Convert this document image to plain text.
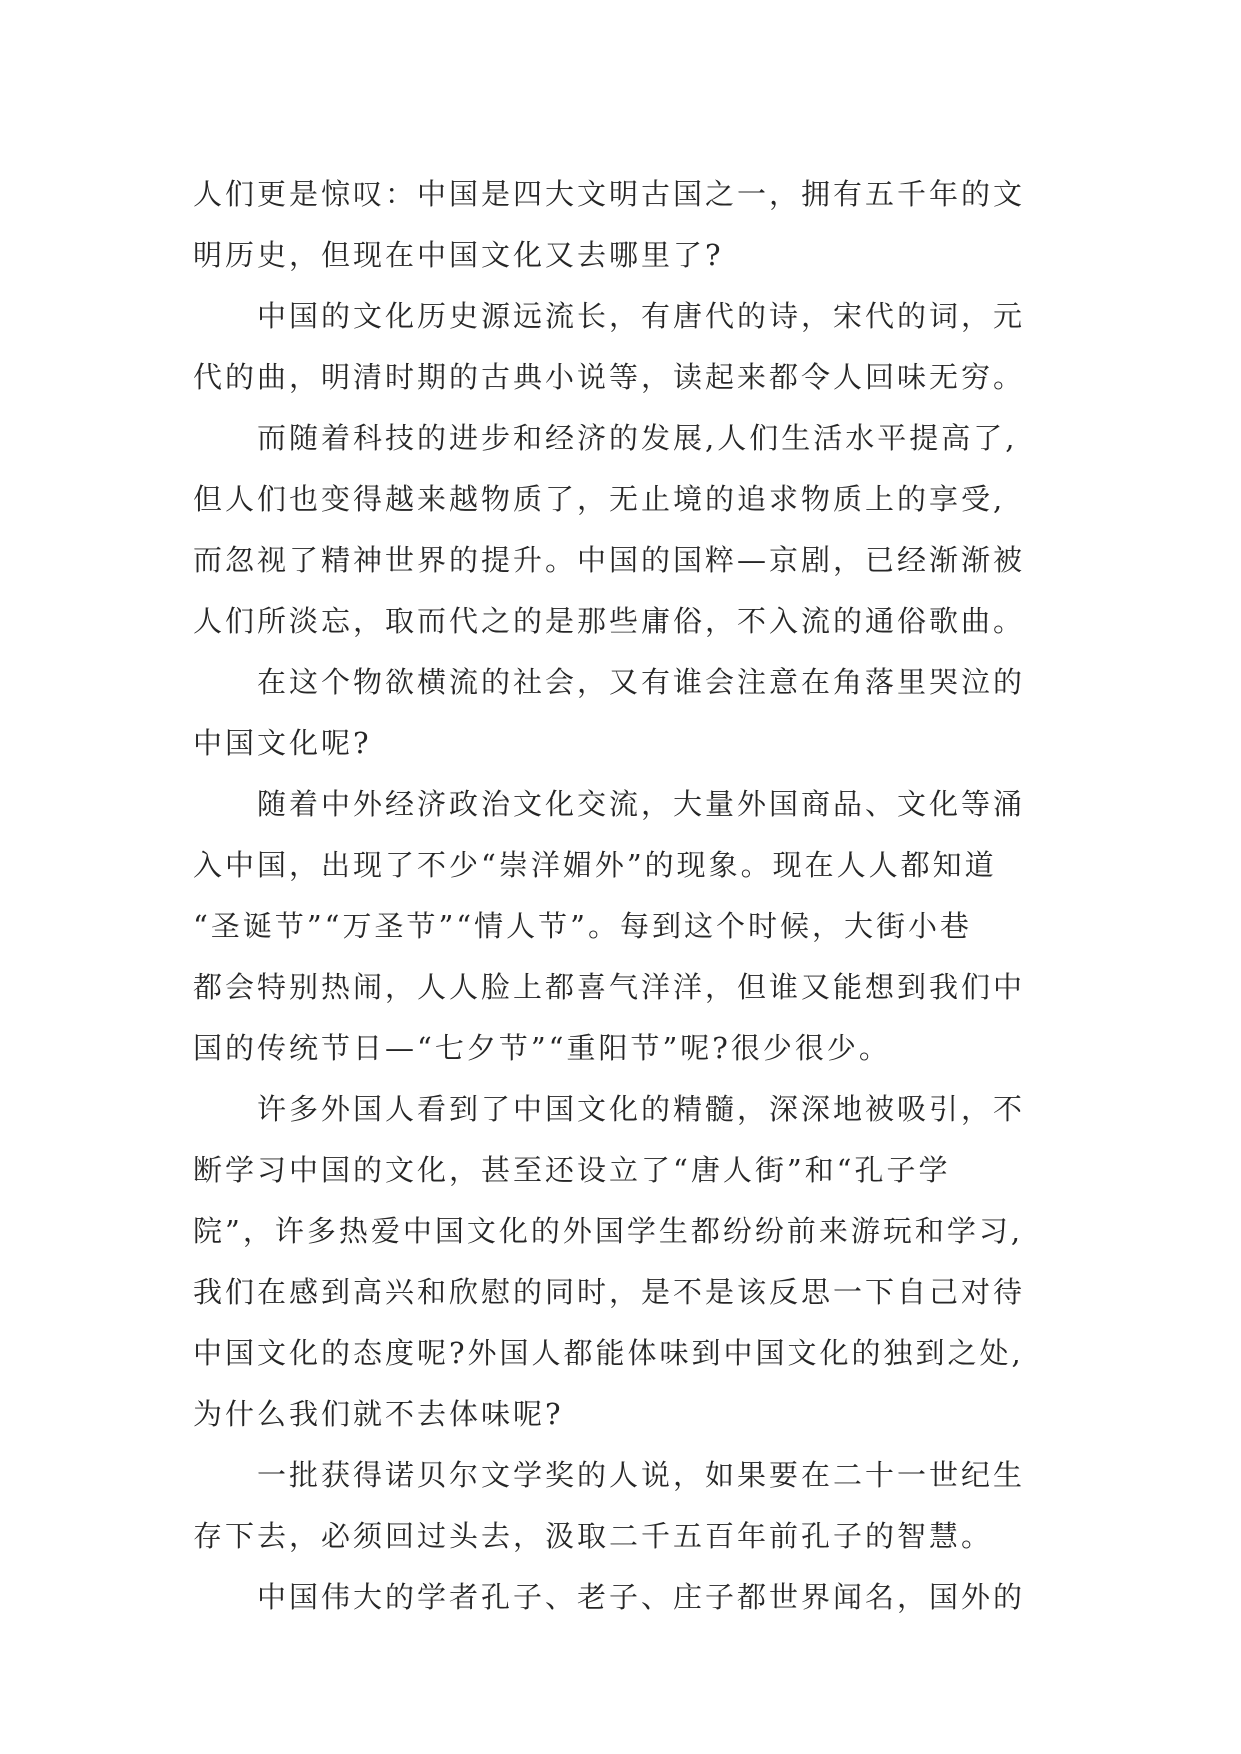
人们更是惊叹：中国是四大文明古国之一，拥有五千年的文
明历史，但现在中国文化又去哪里了?

中国的文化历史源远流长，有唐代的诗，宋代的词，元
代的曲，明清时期的古典小说等，读起来都令人回味无穷。

而随着科技的进步和经济的发展,人们生活水平提高了,
但人们也变得越来越物质了，无止境的追求物质上的享受,
而忽视了精神世界的提升。中国的国粹—京剧，已经渐渐被
人们所淡忘，取而代之的是那些庸俗，不入流的通俗歌曲。

在这个物欲横流的社会，又有谁会注意在角落里哭泣的
中国文化呢?

随着中外经济政治文化交流，大量外国商品、文化等涌
入中国，出现了不少“崇洋媚外”的现象。现在人人都知道
“圣诞节”“万圣节”“情人节”。每到这个时候，大街小巷
都会特别热闹，人人脸上都喜气洋洋，但谁又能想到我们中
国的传统节日—“七夕节”“重阳节”呢?很少很少。

许多外国人看到了中国文化的精髓，深深地被吸引，不
断学习中国的文化，甚至还设立了“唐人街”和“孔子学
院”，许多热爱中国文化的外国学生都纷纷前来游玩和学习,
我们在感到高兴和欣慰的同时，是不是该反思一下自己对待
中国文化的态度呢?外国人都能体味到中国文化的独到之处,
为什么我们就不去体味呢?

一批获得诺贝尔文学奖的人说，如果要在二十一世纪生
存下去，必须回过头去，汲取二千五百年前孔子的智慧。

中国伟大的学者孔子、老子、庄子都世界闻名，国外的
